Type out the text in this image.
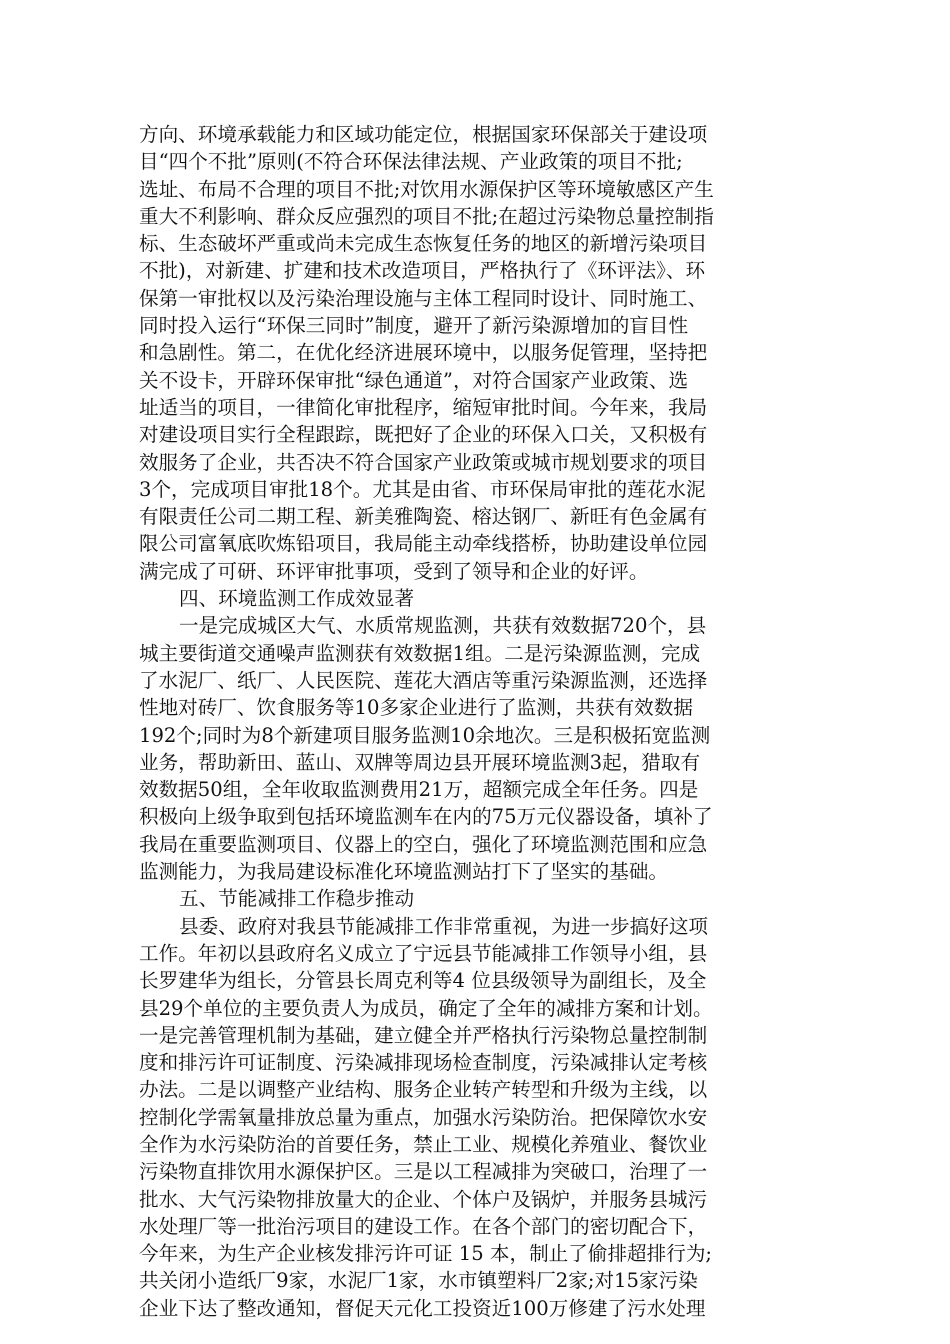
方向、环境承载能力和区域功能定位，根据国家环保部关于建设项
目“四个不批”原则(不符合环保法律法规、产业政策的项目不批;
选址、布局不合理的项目不批;对饮用水源保护区等环境敏感区产生
重大不利影响、群众反应强烈的项目不批;在超过污染物总量控制指
标、生态破坏严重或尚未完成生态恢复任务的地区的新增污染项目
不批)，对新建、扩建和技术改造项目，严格执行了《环评法》、环
保第一审批权以及污染治理设施与主体工程同时设计、同时施工、
同时投入运行“环保三同时”制度，避开了新污染源增加的盲目性
和急剧性。第二，在优化经济进展环境中，以服务促管理，坚持把
关不设卡，开辟环保审批“绿色通道”，对符合国家产业政策、选
址适当的项目，一律简化审批程序，缩短审批时间。今年来，我局
对建设项目实行全程跟踪，既把好了企业的环保入口关，又积极有
效服务了企业，共否决不符合国家产业政策或城市规划要求的项目
3个，完成项目审批18个。尤其是由省、市环保局审批的莲花水泥
有限责任公司二期工程、新美雅陶瓷、榕达钢厂、新旺有色金属有
限公司富氧底吹炼铅项目，我局能主动牵线搭桥，协助建设单位园
满完成了可研、环评审批事项，受到了领导和企业的好评。
四、环境监测工作成效显著
一是完成城区大气、水质常规监测，共获有效数据720个，县
城主要街道交通噪声监测获有效数据1组。二是污染源监测，完成
了水泥厂、纸厂、人民医院、莲花大酒店等重污染源监测，还选择
性地对砖厂、饮食服务等10多家企业进行了监测，共获有效数据
192个;同时为8个新建项目服务监测10余地次。三是积极拓宽监测
业务，帮助新田、蓝山、双牌等周边县开展环境监测3起，猎取有
效数据50组，全年收取监测费用21万，超额完成全年任务。四是
积极向上级争取到包括环境监测车在内的75万元仪器设备，填补了
我局在重要监测项目、仪器上的空白，强化了环境监测范围和应急
监测能力，为我局建设标准化环境监测站打下了坚实的基础。
五、节能减排工作稳步推动
县委、政府对我县节能减排工作非常重视，为进一步搞好这项
工作。年初以县政府名义成立了宁远县节能减排工作领导小组，县
长罗建华为组长，分管县长周克利等4 位县级领导为副组长，及全
县29个单位的主要负责人为成员，确定了全年的减排方案和计划。
一是完善管理机制为基础，建立健全并严格执行污染物总量控制制
度和排污许可证制度、污染减排现场检查制度，污染减排认定考核
办法。二是以调整产业结构、服务企业转产转型和升级为主线，以
控制化学需氧量排放总量为重点，加强水污染防治。把保障饮水安
全作为水污染防治的首要任务，禁止工业、规模化养殖业、餐饮业
污染物直排饮用水源保护区。三是以工程减排为突破口，治理了一
批水、大气污染物排放量大的企业、个体户及锅炉，并服务县城污
水处理厂等一批治污项目的建设工作。在各个部门的密切配合下，
今年来，为生产企业核发排污许可证 15 本，制止了偷排超排行为;
共关闭小造纸厂9家，水泥厂1家，水市镇塑料厂2家;对15家污染
企业下达了整改通知，督促天元化工投资近100万修建了污水处理
